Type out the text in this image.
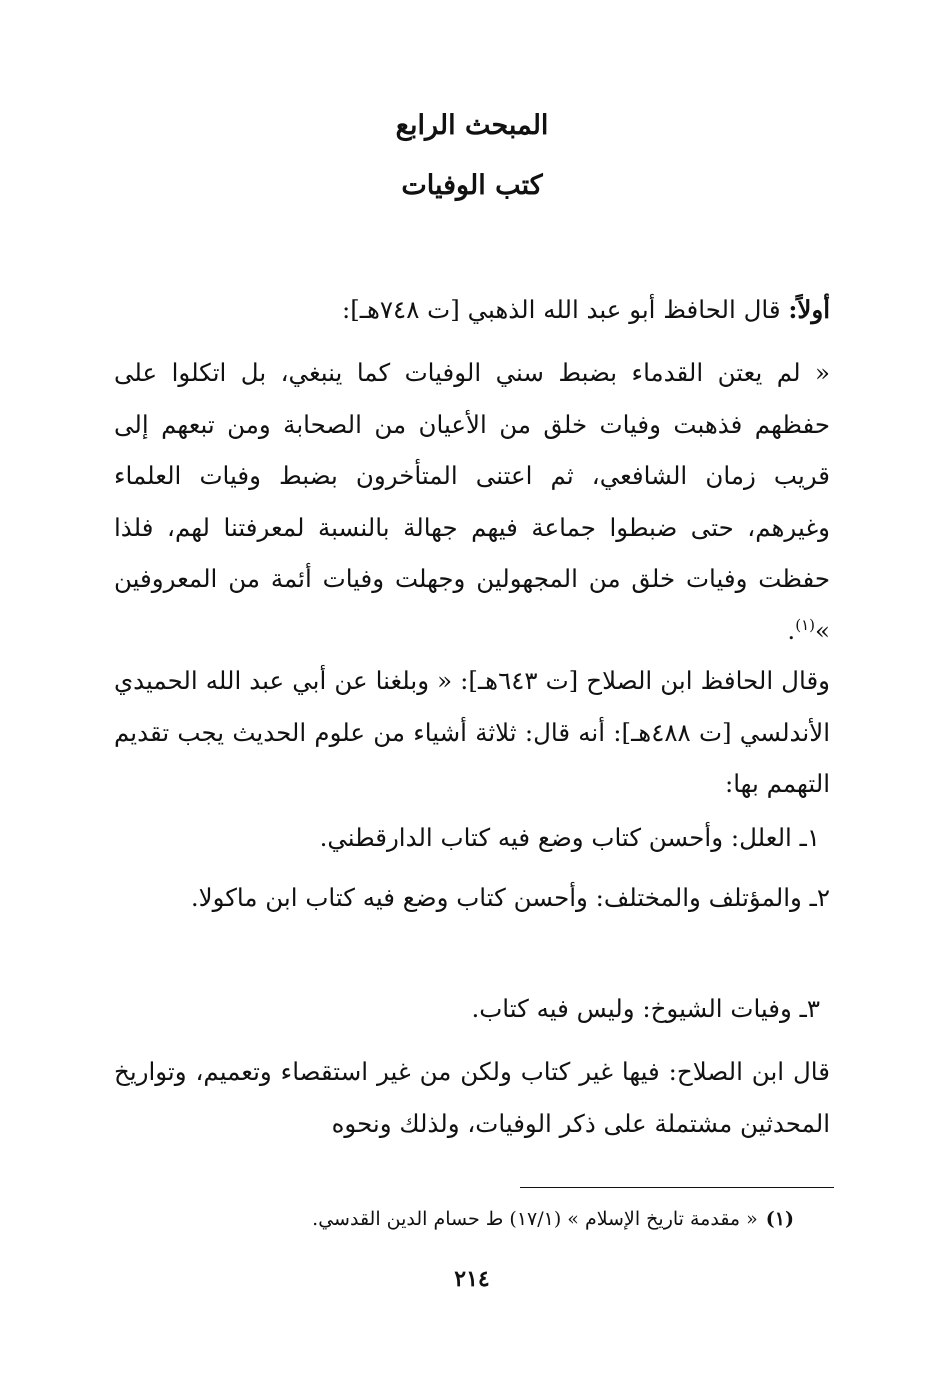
المبحث الرابع
كتب الوفيات

أولاً: قال الحافظ أبو عبد الله الذهبي [ت ٧٤٨هـ]:

« لم يعتن القدماء بضبط سني الوفيات كما ينبغي، بل اتكلوا على حفظهم فذهبت وفيات خلق من الأعيان من الصحابة ومن تبعهم إلى قريب زمان الشافعي، ثم اعتنى المتأخرون بضبط وفيات العلماء وغيرهم، حتى ضبطوا جماعة فيهم جهالة بالنسبة لمعرفتنا لهم، فلذا حفظت وفيات خلق من المجهولين وجهلت وفيات أئمة من المعروفين »$^{(١)}$.

وقال الحافظ ابن الصلاح [ت ٦٤٣هـ]: « وبلغنا عن أبي عبد الله الحميدي الأندلسي [ت ٤٨٨هـ]: أنه قال: ثلاثة أشياء من علوم الحديث يجب تقديم التهمم بها:

١ـ العلل: وأحسن كتاب وضع فيه كتاب الدارقطني.

٢ـ والمؤتلف والمختلف: وأحسن كتاب وضع فيه كتاب ابن ماكولا.

٣ـ وفيات الشيوخ: وليس فيه كتاب.

قال ابن الصلاح: فيها غير كتاب ولكن من غير استقصاء وتعميم، وتواريخ المحدثين مشتملة على ذكر الوفيات، ولذلك ونحوه

(١)« مقدمة تاريخ الإسلام » (١٧/١) ط حسام الدين القدسي.

٢١٤
